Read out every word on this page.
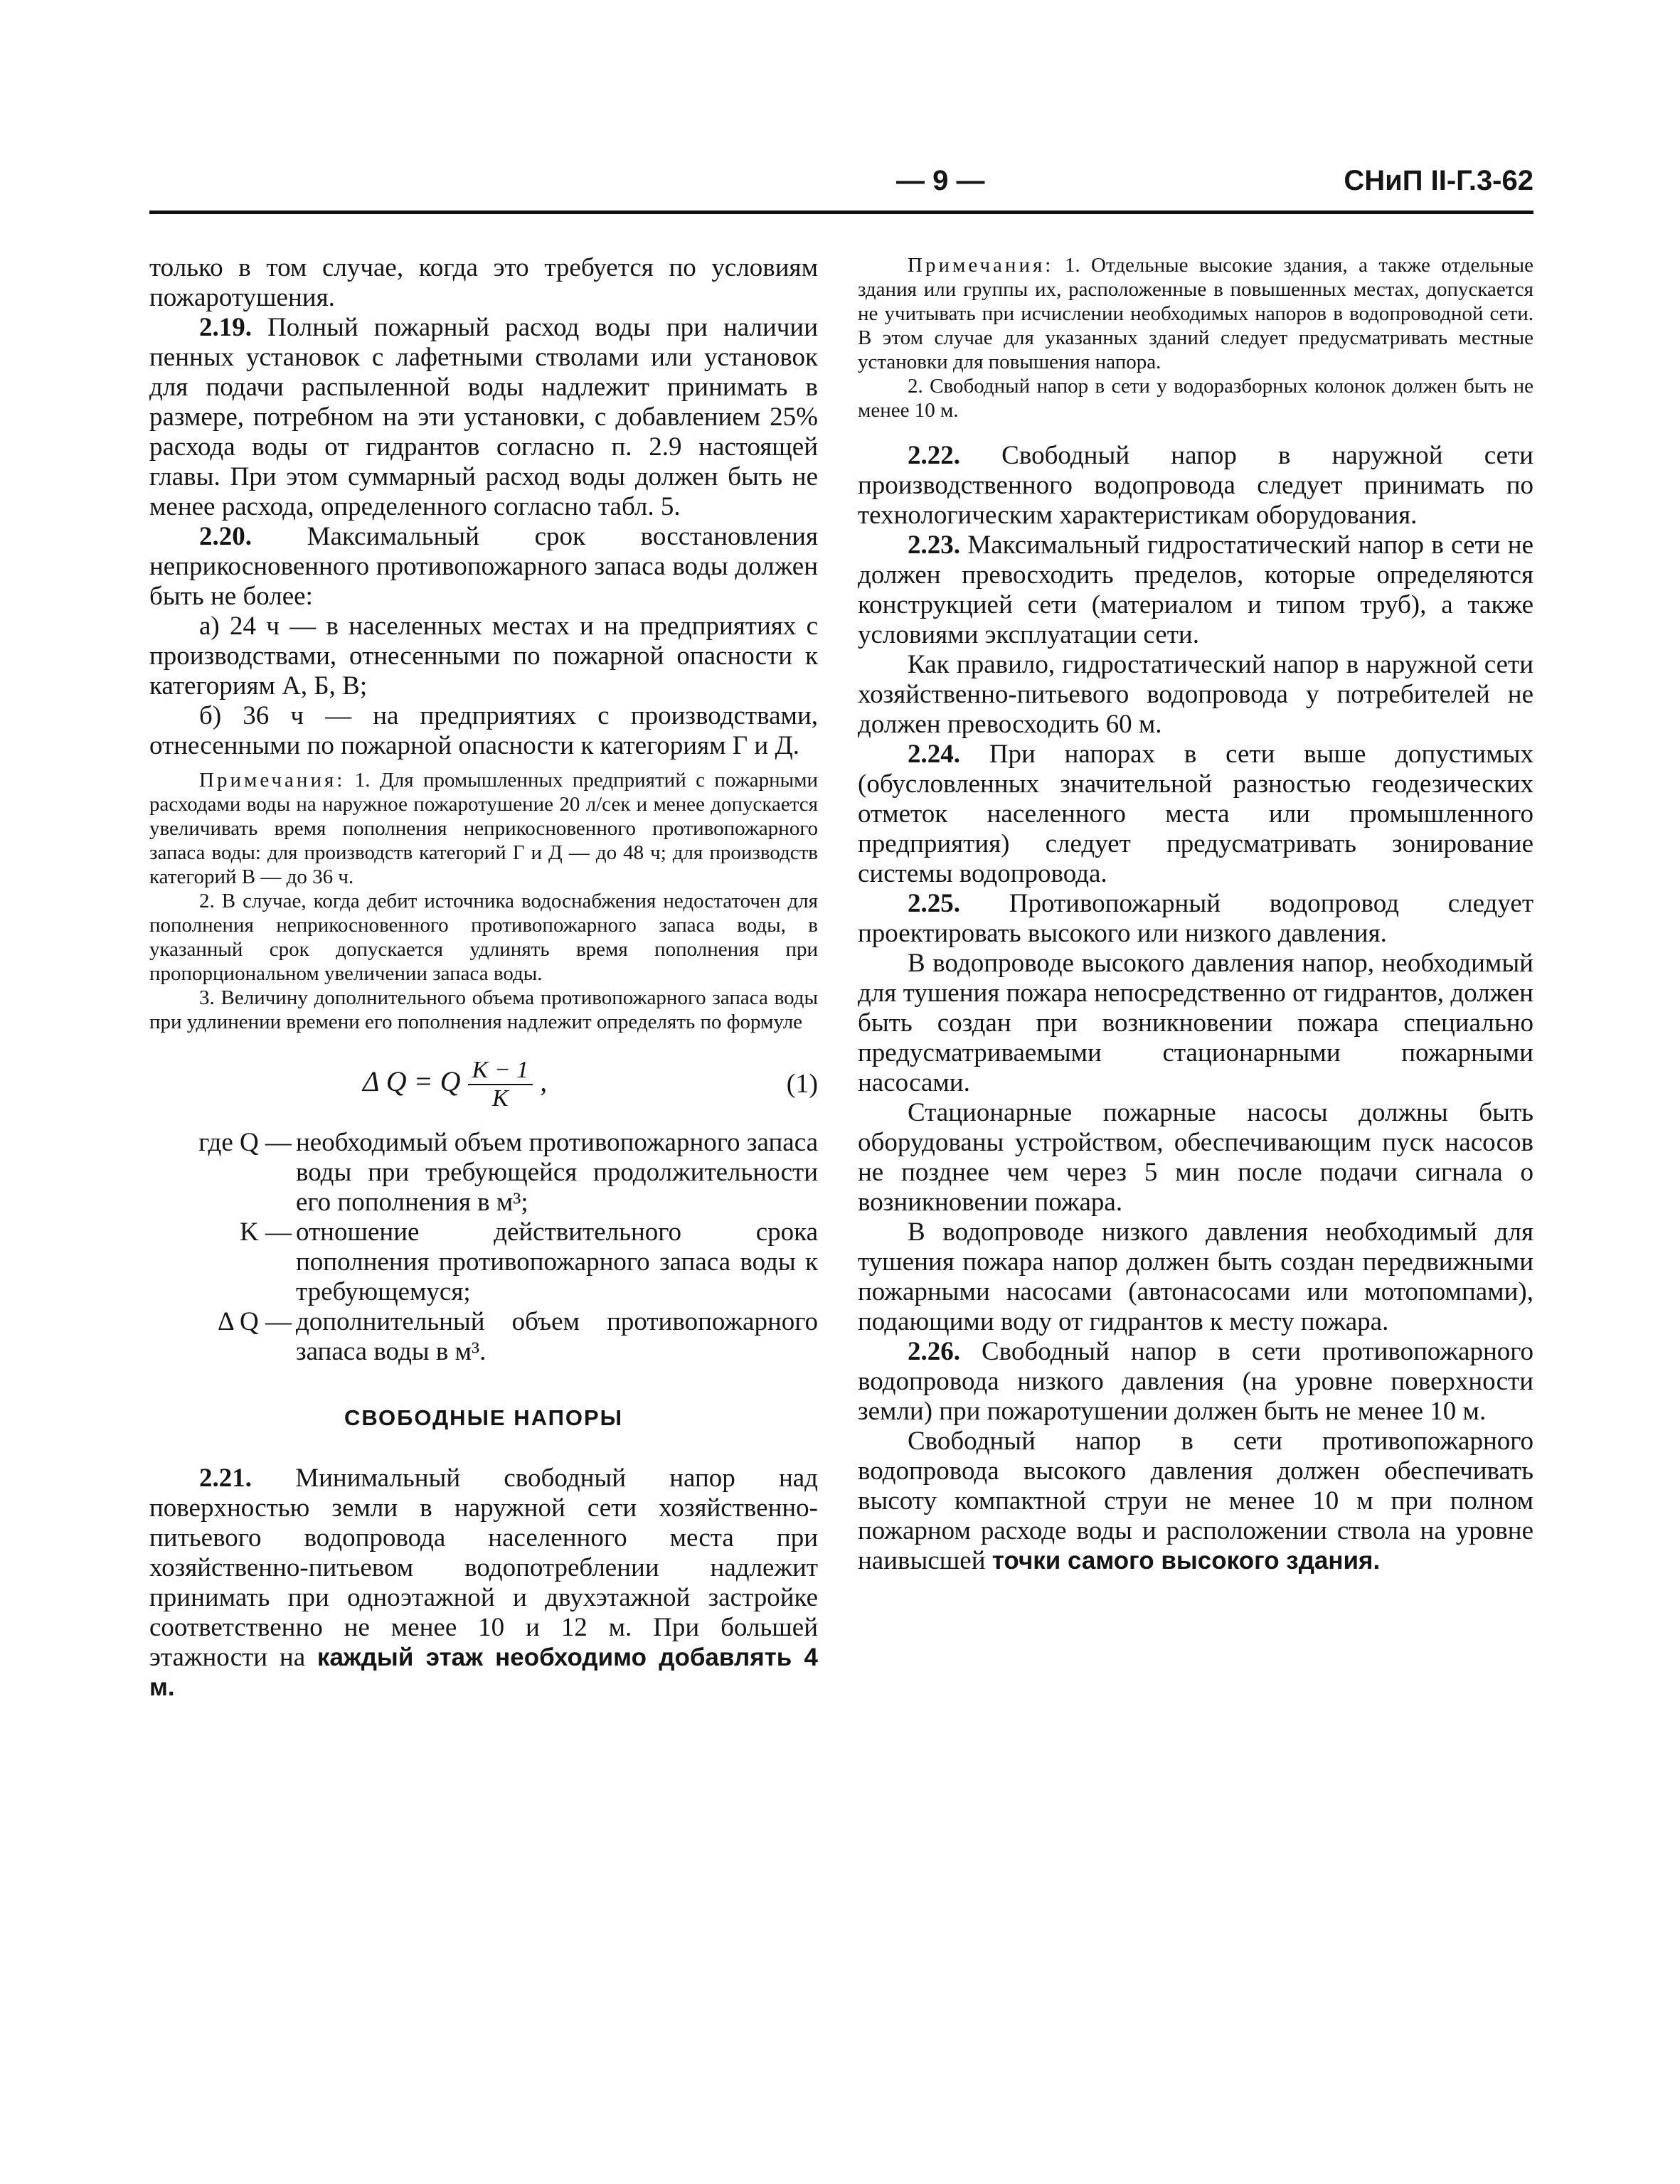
— 9 —	СНиП II-Г.3-62

только в том случае, когда это требуется по условиям пожаротушения.

2.19. Полный пожарный расход воды при наличии пенных установок с лафетными стволами или установок для подачи распыленной воды надлежит принимать в размере, потребном на эти установки, с добавлением 25% расхода воды от гидрантов согласно п. 2.9 настоящей главы. При этом суммарный расход воды должен быть не менее расхода, определенного согласно табл. 5.

2.20. Максимальный срок восстановления неприкосновенного противопожарного запаса воды должен быть не более:

а) 24 ч — в населенных местах и на предприятиях с производствами, отнесенными по пожарной опасности к категориям А, Б, В;

б) 36 ч — на предприятиях с производствами, отнесенными по пожарной опасности к категориям Г и Д.

Примечания: 1. Для промышленных предприятий с пожарными расходами воды на наружное пожаротушение 20 л/сек и менее допускается увеличивать время пополнения неприкосновенного противопожарного запаса воды: для производств категорий Г и Д — до 48 ч; для производств категорий В — до 36 ч.

2. В случае, когда дебит источника водоснабжения недостаточен для пополнения неприкосновенного противопожарного запаса воды, в указанный срок допускается удлинять время пополнения при пропорциональном увеличении запаса воды.

3. Величину дополнительного объема противопожарного запаса воды при удлинении времени его пополнения надлежит определять по формуле

Δ Q = Q $\frac{K - 1}{K}$ ,	(1)
где Q — необходимый объем противопожарного запаса воды при требующейся продолжительности его пополнения в м³;
K — отношение действительного срока пополнения противопожарного запаса воды к требующемуся;
Δ Q — дополнительный объем противопожарного запаса воды в м³.
СВОБОДНЫЕ НАПОРЫ

2.21. Минимальный свободный напор над поверхностью земли в наружной сети хозяйственно-питьевого водопровода населенного места при хозяйственно-питьевом водопотреблении надлежит принимать при одноэтажной и двухэтажной застройке соответственно не менее 10 и 12 м. При большей этажности на каждый этаж необходимо добавлять 4 м.

Примечания: 1. Отдельные высокие здания, а также отдельные здания или группы их, расположенные в повышенных местах, допускается не учитывать при исчислении необходимых напоров в водопроводной сети. В этом случае для указанных зданий следует предусматривать местные установки для повышения напора.

2. Свободный напор в сети у водоразборных колонок должен быть не менее 10 м.

2.22. Свободный напор в наружной сети производственного водопровода следует принимать по технологическим характеристикам оборудования.

2.23. Максимальный гидростатический напор в сети не должен превосходить пределов, которые определяются конструкцией сети (материалом и типом труб), а также условиями эксплуатации сети.

Как правило, гидростатический напор в наружной сети хозяйственно-питьевого водопровода у потребителей не должен превосходить 60 м.

2.24. При напорах в сети выше допустимых (обусловленных значительной разностью геодезических отметок населенного места или промышленного предприятия) следует предусматривать зонирование системы водопровода.

2.25. Противопожарный водопровод следует проектировать высокого или низкого давления.

В водопроводе высокого давления напор, необходимый для тушения пожара непосредственно от гидрантов, должен быть создан при возникновении пожара специально предусматриваемыми стационарными пожарными насосами.

Стационарные пожарные насосы должны быть оборудованы устройством, обеспечивающим пуск насосов не позднее чем через 5 мин после подачи сигнала о возникновении пожара.

В водопроводе низкого давления необходимый для тушения пожара напор должен быть создан передвижными пожарными насосами (автонасосами или мотопомпами), подающими воду от гидрантов к месту пожара.

2.26. Свободный напор в сети противопожарного водопровода низкого давления (на уровне поверхности земли) при пожаротушении должен быть не менее 10 м.

Свободный напор в сети противопожарного водопровода высокого давления должен обеспечивать высоту компактной струи не менее 10 м при полном пожарном расходе воды и расположении ствола на уровне наивысшей точки самого высокого здания.
